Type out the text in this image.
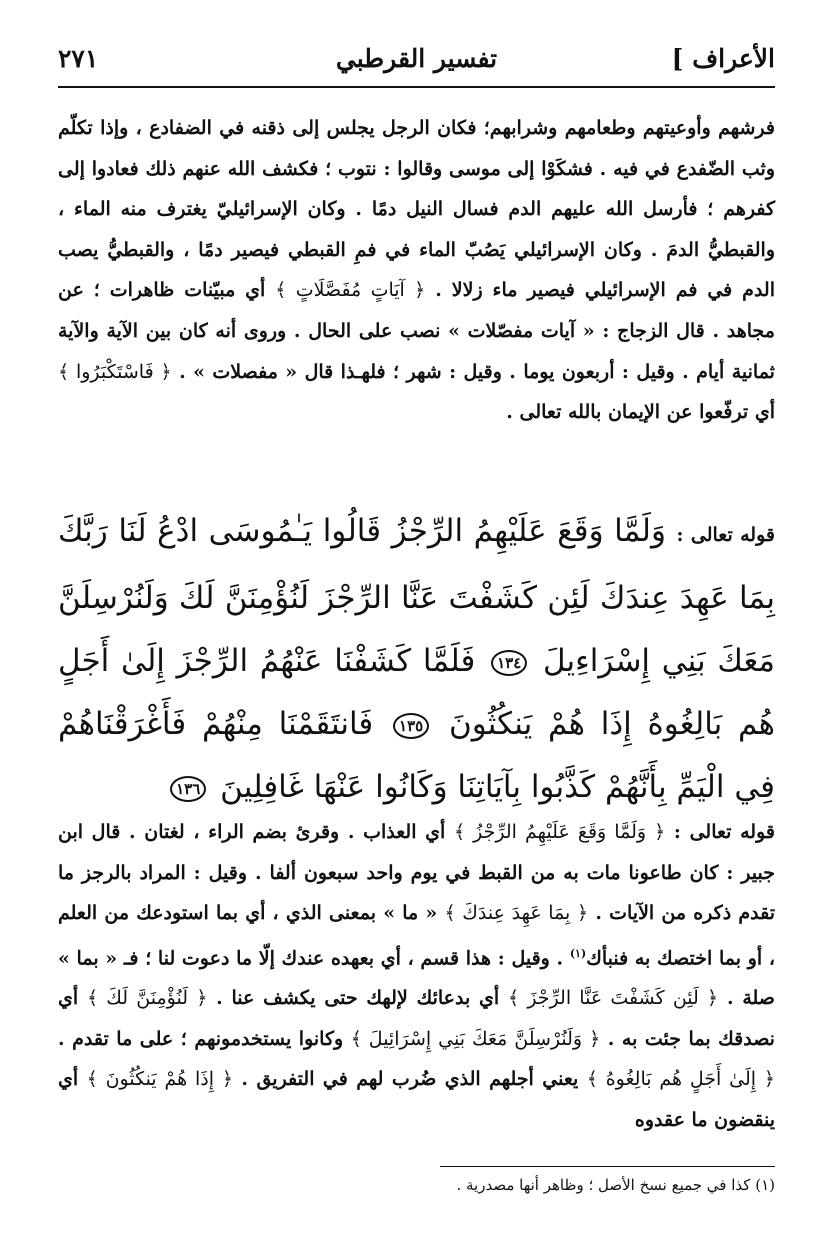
الأعراف ]
تفسير القرطبي
٢٧١

فرشهم وأوعيتهم وطعامهم وشرابهم؛ فكان الرجل يجلس إلى ذقنه في الضفادع ، وإذا تكلّم وثب الضّفدع في فيه . فشكَوْا إلى موسى وقالوا : نتوب ؛ فكشف الله عنهم ذلك فعادوا إلى كفرهم ؛ فأرسل الله عليهم الدم فسال النيل دمًا . وكان الإسرائيليّ يغترف منه الماء ، والقبطيُّ الدمَ . وكان الإسرائيلي يَصُبّ الماء في فمِ القبطي فيصير دمًا ، والقبطيُّ يصب الدم في فم الإسرائيلي فيصير ماء زلالا . ﴿ آيَاتٍ مُفَصَّلَاتٍ ﴾ أي مبيّنات ظاهرات ؛ عن مجاهد . قال الزجاج : « آيات مفصّلات » نصب على الحال . وروى أنه كان بين الآية والآية ثمانية أيام . وقيل : أربعون يوما . وقيل : شهر ؛ فلهـذا قال « مفصلات » . ﴿ فَاسْتَكْبَرُوا ﴾ أي ترفّعوا عن الإيمان بالله تعالى .

قوله تعالى : وَلَمَّا وَقَعَ عَلَيْهِمُ الرِّجْزُ قَالُوا يَـٰمُوسَى ادْعُ لَنَا رَبَّكَ بِمَا عَهِدَ عِندَكَ لَئِن كَشَفْتَ عَنَّا الرِّجْزَ لَنُؤْمِنَنَّ لَكَ وَلَنُرْسِلَنَّ مَعَكَ بَنِي إِسْرَاءِيلَ ١٣٤ فَلَمَّا كَشَفْنَا عَنْهُمُ الرِّجْزَ إِلَىٰ أَجَلٍ هُم بَالِغُوهُ إِذَا هُمْ يَنكُثُونَ ١٣٥ فَانتَقَمْنَا مِنْهُمْ فَأَغْرَقْنَاهُمْ فِي الْيَمِّ بِأَنَّهُمْ كَذَّبُوا بِآيَاتِنَا وَكَانُوا عَنْهَا غَافِلِينَ ١٣٦

قوله تعالى : ﴿ وَلَمَّا وَقَعَ عَلَيْهِمُ الرِّجْزُ ﴾ أي العذاب . وقرئ بضم الراء ، لغتان . قال ابن جبير : كان طاعونا مات به من القبط في يوم واحد سبعون ألفا . وقيل : المراد بالرجز ما تقدم ذكره من الآيات . ﴿ بِمَا عَهِدَ عِندَكَ ﴾ « ما » بمعنى الذي ، أي بما استودعك من العلم ، أو بما اختصك به فنبأك$^{(١)}$ . وقيل : هذا قسم ، أي بعهده عندك إلّا ما دعوت لنا ؛ فـ « بما » صلة . ﴿ لَئِن كَشَفْتَ عَنَّا الرِّجْزَ ﴾ أي بدعائك لإلهك حتى يكشف عنا . ﴿ لَنُؤْمِنَنَّ لَكَ ﴾ أي نصدقك بما جئت به . ﴿ وَلَنُرْسِلَنَّ مَعَكَ بَنِي إِسْرَائِيلَ ﴾ وكانوا يستخدمونهم ؛ على ما تقدم . ﴿ إِلَىٰ أَجَلٍ هُم بَالِغُوهُ ﴾ يعني أجلهم الذي ضُرب لهم في التفريق . ﴿ إِذَا هُمْ يَنكُثُونَ ﴾ أي ينقضون ما عقدوه

(١) كذا في جميع نسخ الأصل ؛ وظاهر أنها مصدرية .
